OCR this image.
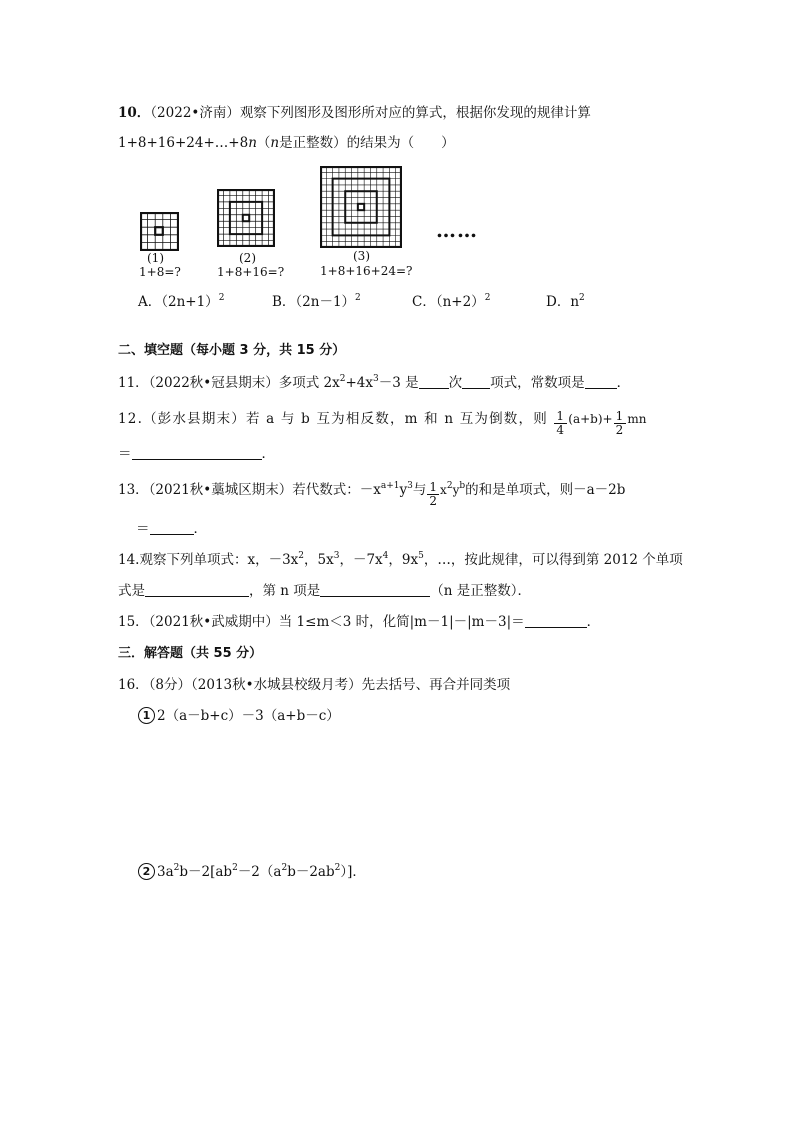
10．（2022•济南）观察下列图形及图形所对应的算式，根据你发现的规律计算
1+8+16+24+…+8n（n是正整数）的结果为（　　）
(1)
1+8=?
(2)
1+8+16=?
(3)
1+8+16+24=?
……
A．$(2n+1)^2$	B．$(2n-1)^2$	C．$(n+2)^2$	D．$n^2$
二、填空题（每小题 3 分，共 15 分）
11．（2022秋•冠县期末）多项式 $2x^2+4x^3-3$ 是 次 项式，常数项是 ．
12.（彭水县期末）若 a 与 b 互为相反数，m 和 n 互为倒数，则 $\frac{1}{4} (a+b)+ \frac{1}{2}$ mn
＝	．
13．（2021秋•藁城区期末）若代数式：$-x^{a+1}y^3$与 $\frac{1}{2} x^2y^b$的和是单项式，则－a－2b
＝	．
14.观察下列单项式：x，$-3x^2$，$5x^3$，$-7x^4$，$9x^5$，…，按此规律，可以得到第 2012 个单项
式是	，第 n 项是	（n 是正整数）．
15．（2021秋•武威期中）当 1≤m＜3 时，化简|m－1|－|m－3|＝	．
三．解答题（共 55 分）
16．（8分）（2013秋•水城县校级月考）先去括号、再合并同类项
1 2（a－b+c）－3（a+b－c）
2 $3a^2b-2[ab^2-2(a^2b-2ab^2)]$．
